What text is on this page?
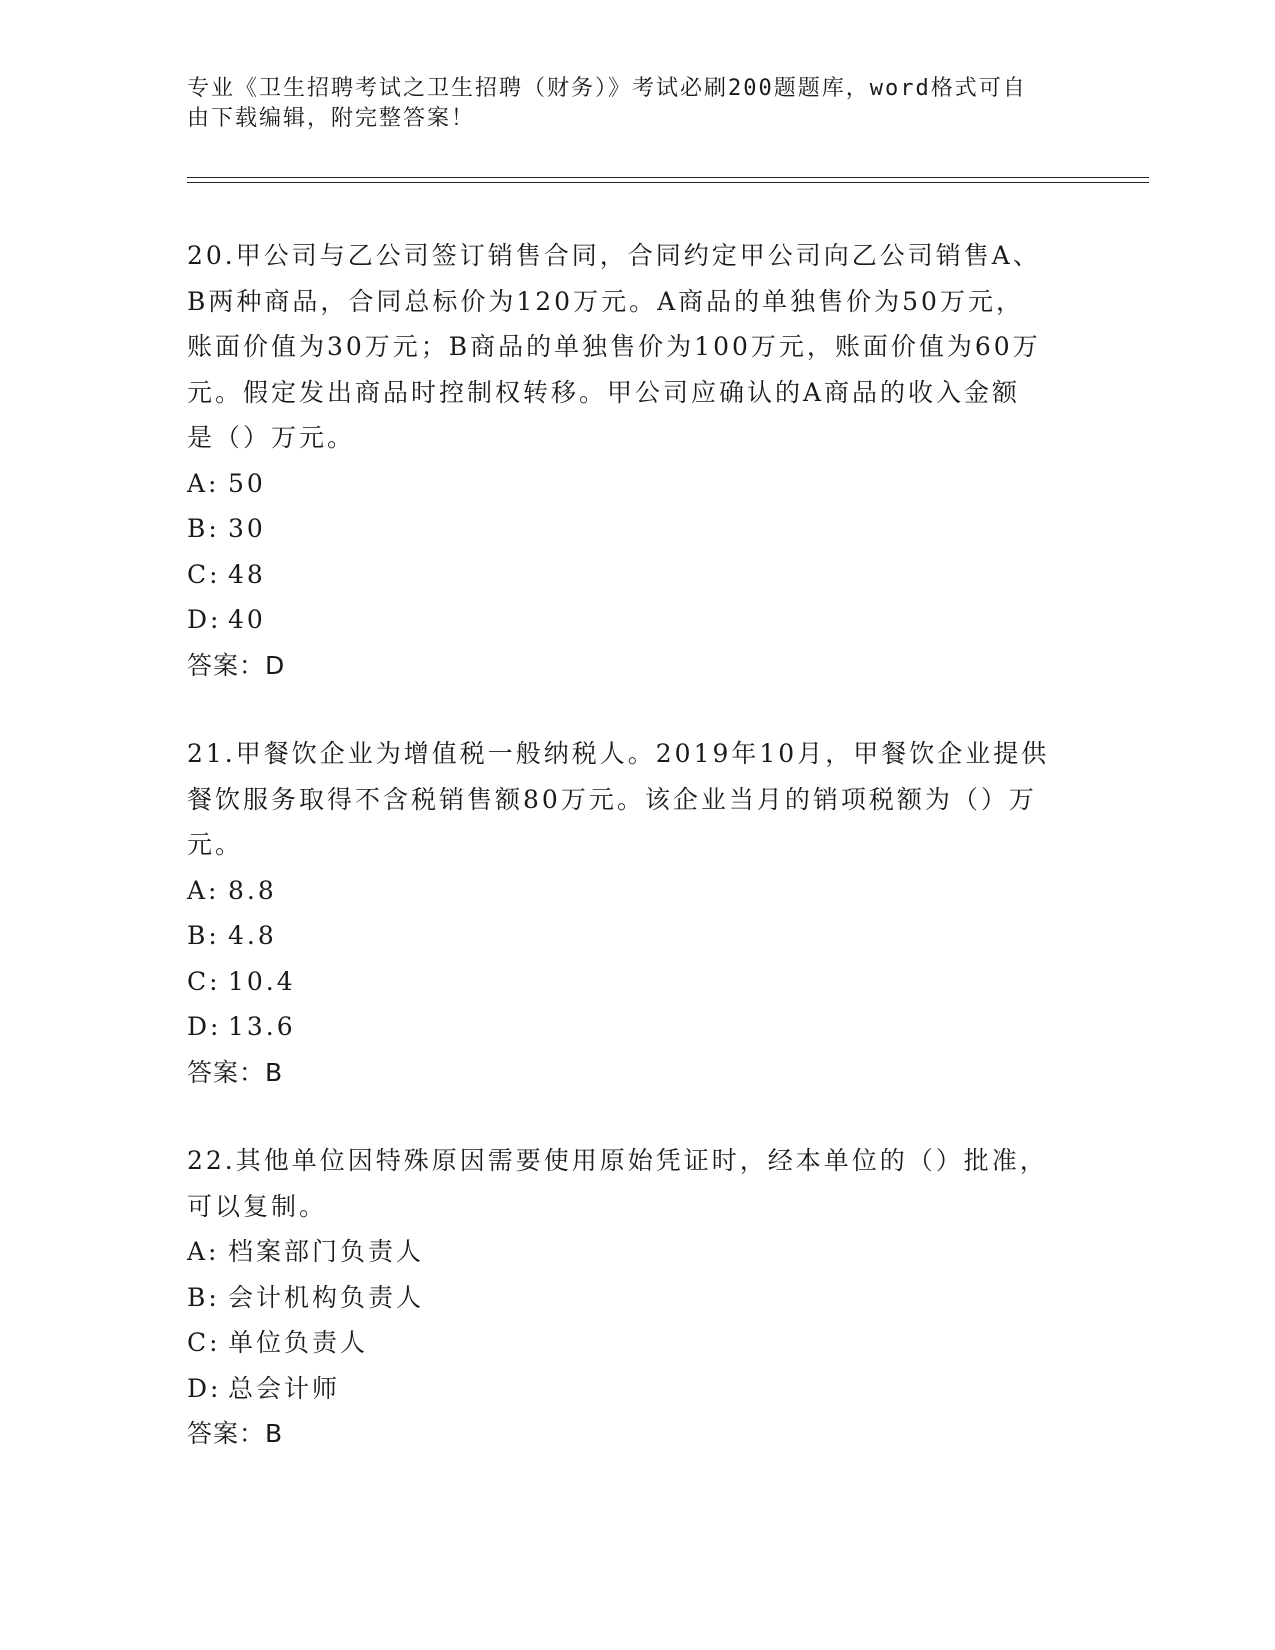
专业《卫生招聘考试之卫生招聘（财务）》考试必刷200题题库，word格式可自
由下载编辑，附完整答案！
20.甲公司与乙公司签订销售合同，合同约定甲公司向乙公司销售A、
B两种商品，合同总标价为120万元。A商品的单独售价为50万元，
账面价值为30万元；B商品的单独售价为100万元，账面价值为60万
元。假定发出商品时控制权转移。甲公司应确认的A商品的收入金额
是（）万元。
A: 50
B: 30
C: 48
D: 40
答案：D
21.甲餐饮企业为增值税一般纳税人。2019年10月，甲餐饮企业提供
餐饮服务取得不含税销售额80万元。该企业当月的销项税额为（）万
元。
A: 8.8
B: 4.8
C: 10.4
D: 13.6
答案：B
22.其他单位因特殊原因需要使用原始凭证时，经本单位的（）批准，
可以复制。
A: 档案部门负责人
B: 会计机构负责人
C: 单位负责人
D: 总会计师
答案：B
